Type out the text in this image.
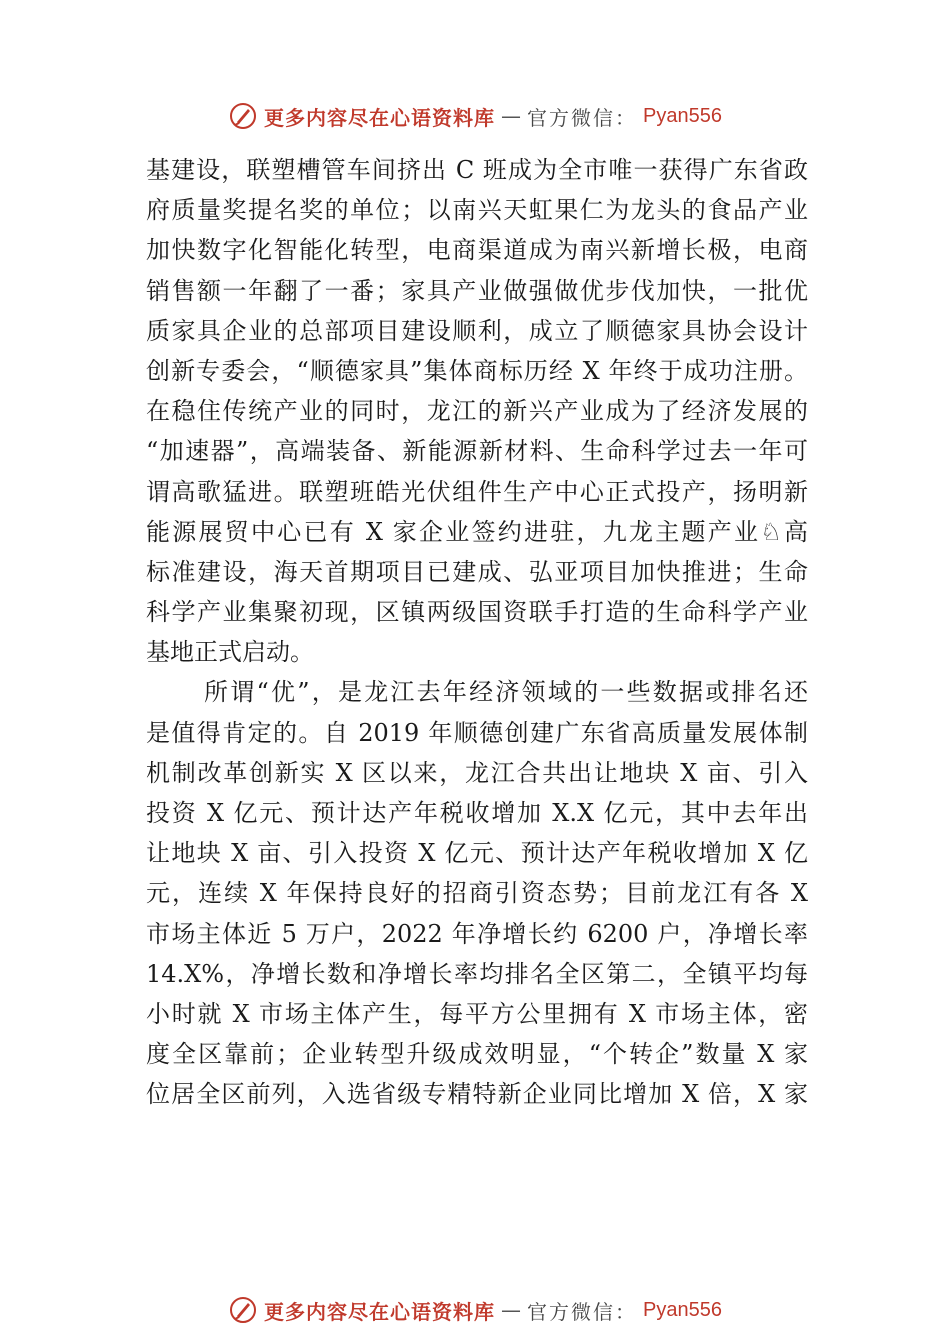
更多内容尽在心语资料库 — 官方微信： Pyan556
基建设，联塑槽管车间挤出 C 班成为全市唯一获得广东省政
府质量奖提名奖的单位；以南兴天虹果仁为龙头的食品产业
加快数字化智能化转型，电商渠道成为南兴新增长极，电商
销售额一年翻了一番；家具产业做强做优步伐加快，一批优
质家具企业的总部项目建设顺利，成立了顺德家具协会设计
创新专委会，“顺德家具”集体商标历经 X 年终于成功注册。
在稳住传统产业的同时，龙江的新兴产业成为了经济发展的
“加速器”，高端装备、新能源新材料、生命科学过去一年可
谓高歌猛进。联塑班皓光伏组件生产中心正式投产，扬明新
能源展贸中心已有 X 家企业签约进驻，九龙主题产业♘高
标准建设，海天首期项目已建成、弘亚项目加快推进；生命
科学产业集聚初现，区镇两级国资联手打造的生命科学产业
基地正式启动。
所谓“优”，是龙江去年经济领域的一些数据或排名还
是值得肯定的。自 2019 年顺德创建广东省高质量发展体制
机制改革创新实 X 区以来，龙江合共出让地块 X 亩、引入
投资 X 亿元、预计达产年税收增加 X.X 亿元，其中去年出
让地块 X 亩、引入投资 X 亿元、预计达产年税收增加 X 亿
元，连续 X 年保持良好的招商引资态势；目前龙江有各 X
市场主体近 5 万户，2022 年净增长约 6200 户，净增长率
14.X%，净增长数和净增长率均排名全区第二，全镇平均每
小时就 X 市场主体产生，每平方公里拥有 X 市场主体，密
度全区靠前；企业转型升级成效明显，“个转企”数量 X 家
位居全区前列，入选省级专精特新企业同比增加 X 倍，X 家
更多内容尽在心语资料库 — 官方微信： Pyan556
